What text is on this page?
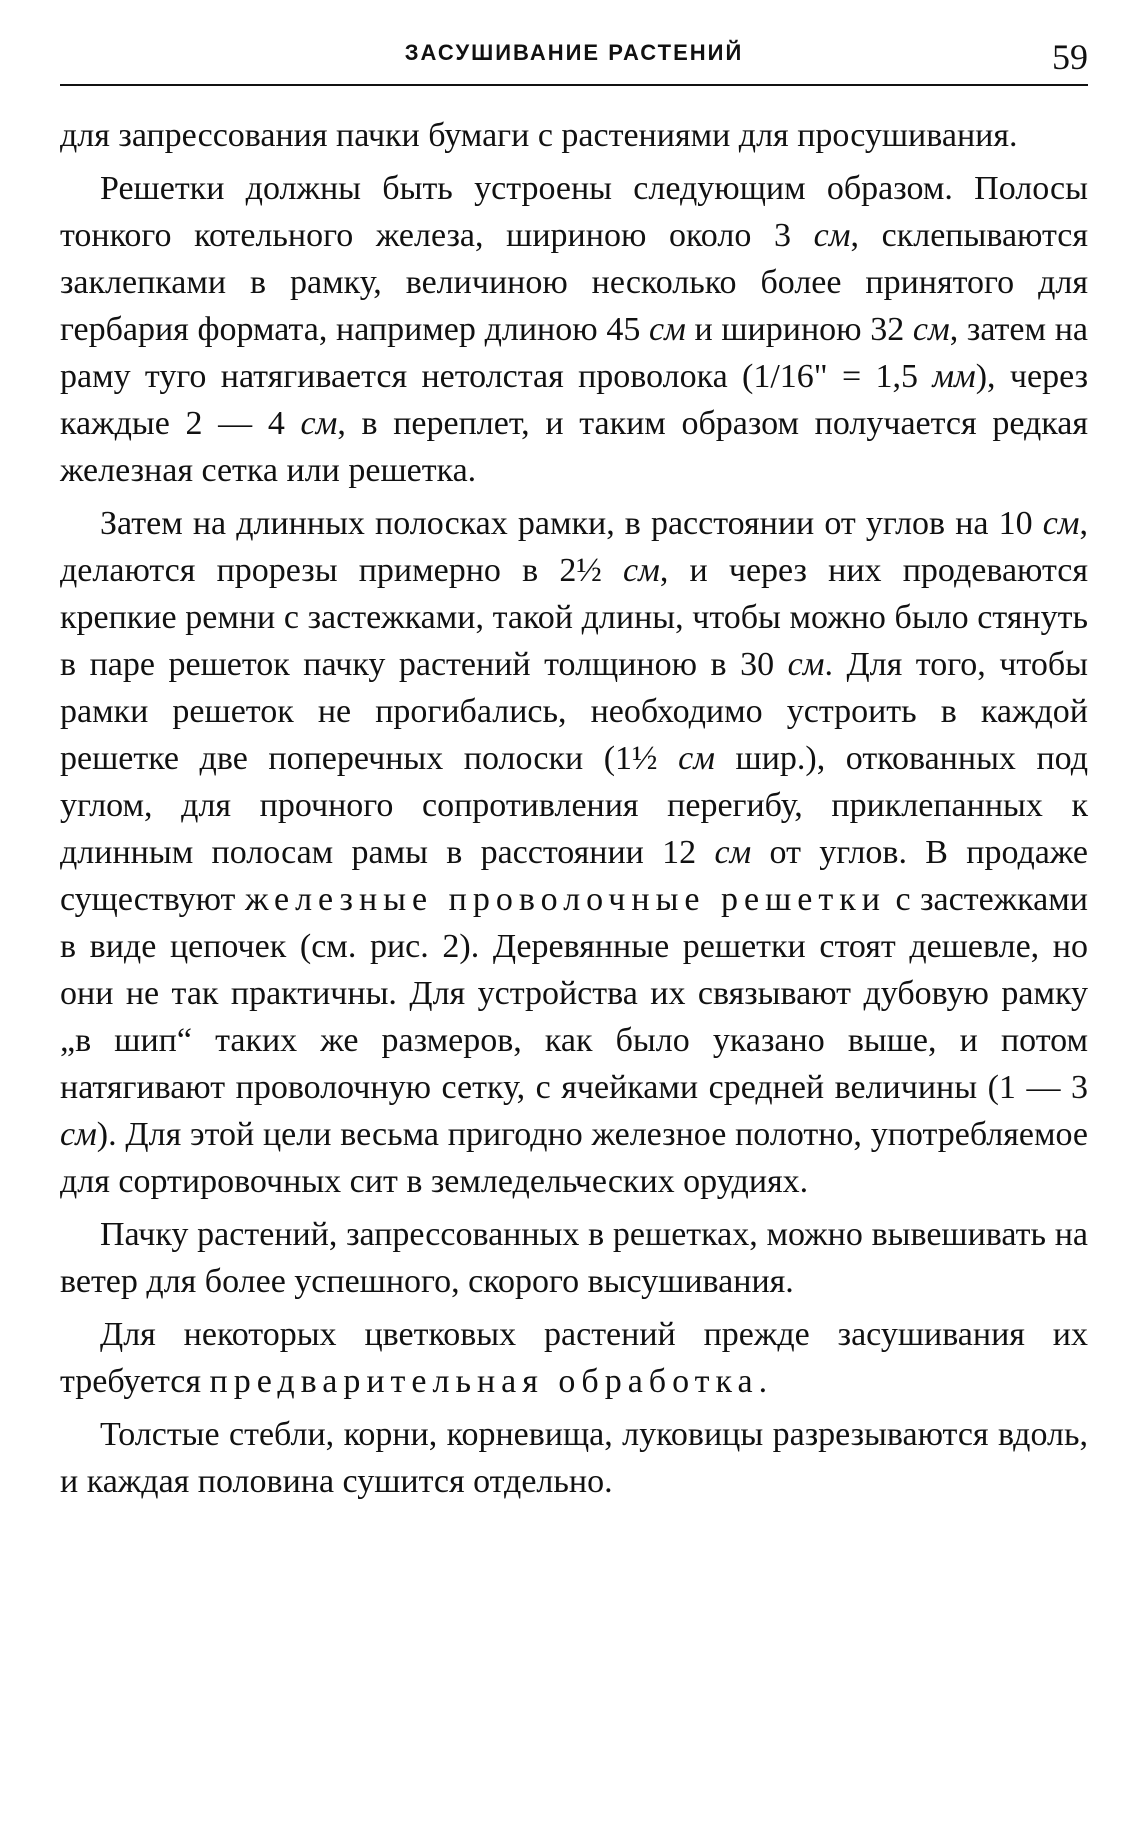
ЗАСУШИВАНИЕ РАСТЕНИЙ	59

для запрессования пачки бумаги с растениями для просушивания.

Решетки должны быть устроены следующим образом. Полосы тонкого котельного железа, шириною около 3 см, склепываются заклепками в рамку, величиною несколько более принятого для гербария формата, например длиною 45 см и шириною 32 см, затем на раму туго натягивается нетолстая проволока (1/16" = 1,5 мм), через каждые 2 — 4 см, в переплет, и таким образом получается редкая железная сетка или решетка.

Затем на длинных полосках рамки, в расстоянии от углов на 10 см, делаются прорезы примерно в 2½ см, и через них продеваются крепкие ремни с застежками, такой длины, чтобы можно было стянуть в паре решеток пачку растений толщиною в 30 см. Для того, чтобы рамки решеток не прогибались, необходимо устроить в каждой решетке две поперечных полоски (1½ см шир.), откованных под углом, для прочного сопротивления перегибу, приклепанных к длинным полосам рамы в расстоянии 12 см от углов. В продаже существуют железные проволочные решетки с застежками в виде цепочек (см. рис. 2). Деревянные решетки стоят дешевле, но они не так практичны. Для устройства их связывают дубовую рамку „в шип“ таких же размеров, как было указано выше, и потом натягивают проволочную сетку, с ячейками средней величины (1 — 3 см). Для этой цели весьма пригодно железное полотно, употребляемое для сортировочных сит в земледельческих орудиях.

Пачку растений, запрессованных в решетках, можно вывешивать на ветер для более успешного, скорого высушивания.

Для некоторых цветковых растений прежде засушивания их требуется предварительная обработка.

Толстые стебли, корни, корневища, луковицы разрезываются вдоль, и каждая половина сушится отдельно.
